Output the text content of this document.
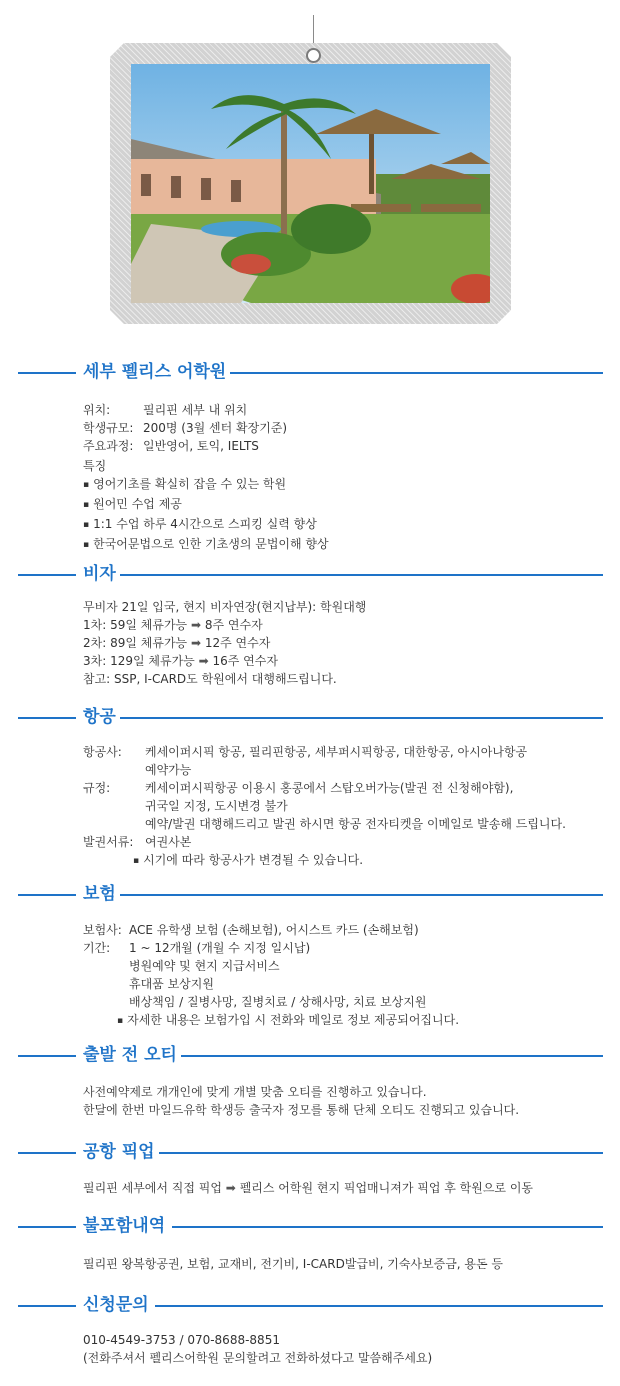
세부 펠리스 어학원
위치:	필리핀 세부 내 위치
학생규모: 200명 (3월 센터 확장기준)
주요과정: 일반영어, 토익, IELTS
특징
▪ 영어기초를 확실히 잡을 수 있는 학원
▪ 원어민 수업 제공
▪ 1:1 수업 하루 4시간으로 스피킹 실력 향상
▪ 한국어문법으로 인한 기초생의 문법이해 향상
비자
무비자 21일 입국, 현지 비자연장(현지납부): 학원대행
1차: 59일 체류가능 ➡ 8주 연수자
2차: 89일 체류가능 ➡ 12주 연수자
3차: 129일 체류가능 ➡ 16주 연수자
참고: SSP, I-CARD도 학원에서 대행해드립니다.
항공
항공사:	케세이퍼시픽 항공, 필리핀항공, 세부퍼시픽항공, 대한항공, 아시아나항공
예약가능
규정:	케세이퍼시픽항공 이용시 홍콩에서 스탑오버가능(발권 전 신청해야함),
귀국일 지정, 도시변경 불가
예약/발권 대행해드리고 발권 하시면 항공 전자티켓을 이메일로 발송해 드립니다.
발권서류: 여권사본
▪ 시기에 따라 항공사가 변경될 수 있습니다.
보험
보험사: ACE 유학생 보험 (손해보험), 어시스트 카드 (손해보험)
기간:	1 ~ 12개월 (개월 수 지정 일시납)
병원예약 및 현지 지급서비스
휴대품 보상지원
배상책임 / 질병사망, 질병치료 / 상해사망, 치료 보상지원
▪ 자세한 내용은 보험가입 시 전화와 메일로 정보 제공되어집니다.
출발 전 오티
사전예약제로 개개인에 맞게 개별 맞춤 오티를 진행하고 있습니다.
한달에 한번 마일드유학 학생등 출국자 정모를 통해 단체 오티도 진행되고 있습니다.
공항 픽업
필리핀 세부에서 직접 픽업 ➡ 펠리스 어학원 현지 픽업매니져가 픽업 후 학원으로 이동
불포함내역
필리핀 왕복항공권, 보험, 교재비, 전기비, I-CARD발급비, 기숙사보증금, 용돈 등
신청문의
010-4549-3753 / 070-8688-8851
(전화주셔서 펠리스어학원 문의할려고 전화하셨다고 말씀해주세요)
